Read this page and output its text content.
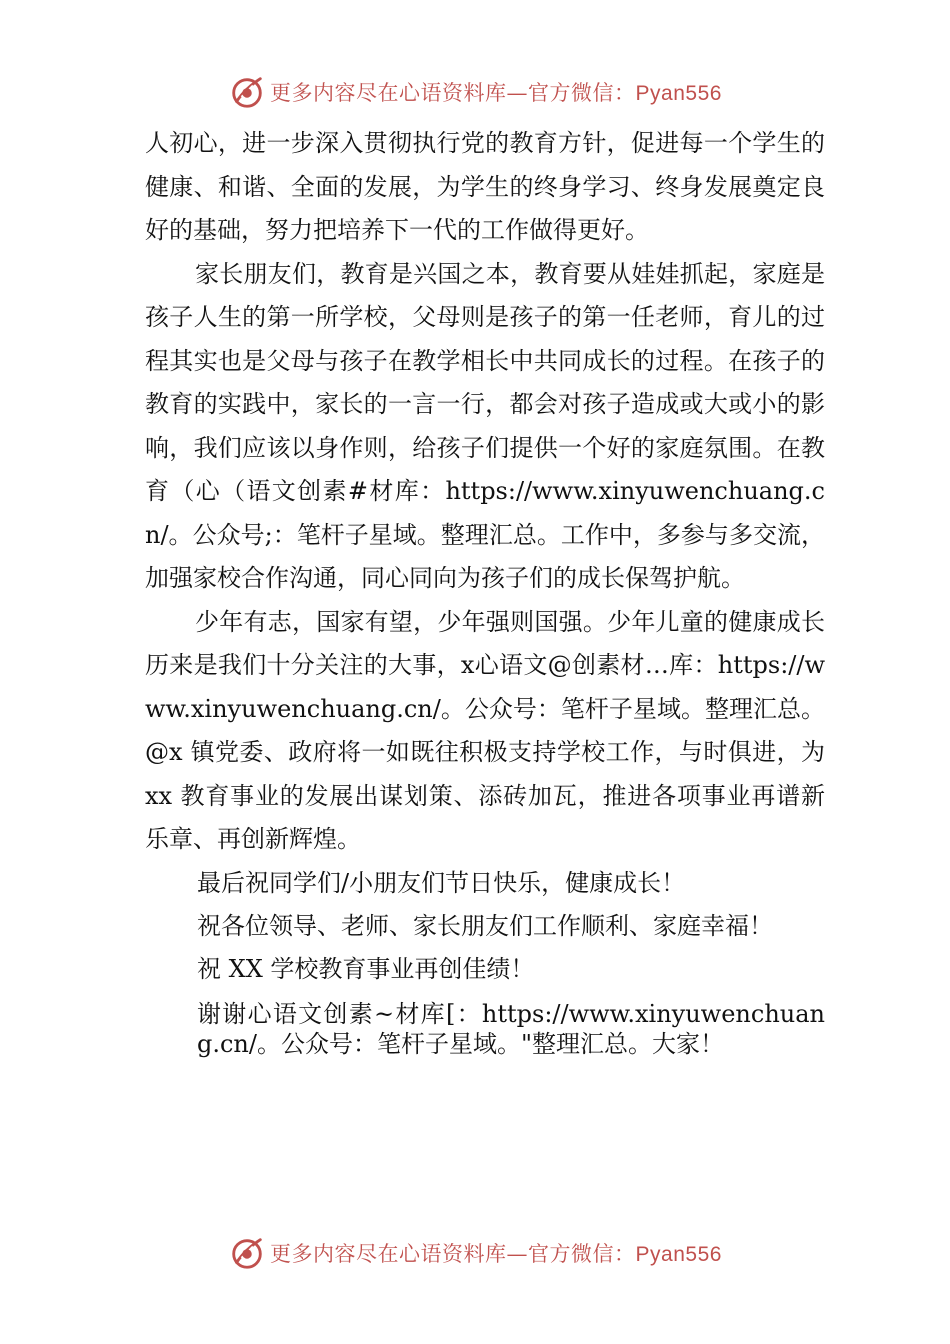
更多内容尽在心语资料库—官方微信：Pyan556

人初心，进一步深入贯彻执行党的教育方针，促进每一个学生的健康、和谐、全面的发展，为学生的终身学习、终身发展奠定良好的基础，努力把培养下一代的工作做得更好。

家长朋友们，教育是兴国之本，教育要从娃娃抓起，家庭是孩子人生的第一所学校，父母则是孩子的第一任老师，育儿的过程其实也是父母与孩子在教学相长中共同成长的过程。在孩子的教育的实践中，家长的一言一行，都会对孩子造成或大或小的影响，我们应该以身作则，给孩子们提供一个好的家庭氛围。在教育（心（语文创素#材库：https://www.xinyuwenchuang.cn/。公众号;：笔杆子星域。整理汇总。工作中，多参与多交流，加强家校合作沟通，同心同向为孩子们的成长保驾护航。

少年有志，国家有望，少年强则国强。少年儿童的健康成长历来是我们十分关注的大事，x心语文@创素材…库：https://www.xinyuwenchuang.cn/。公众号：笔杆子星域。整理汇总。@x 镇党委、政府将一如既往积极支持学校工作，与时俱进，为 xx 教育事业的发展出谋划策、添砖加瓦，推进各项事业再谱新乐章、再创新辉煌。

最后祝同学们/小朋友们节日快乐，健康成长！

祝各位领导、老师、家长朋友们工作顺利、家庭幸福！

祝 XX 学校教育事业再创佳绩！

谢谢心语文创素~材库[：https://www.xinyuwenchuang.cn/。公众号：笔杆子星域。"整理汇总。大家！

更多内容尽在心语资料库—官方微信：Pyan556
